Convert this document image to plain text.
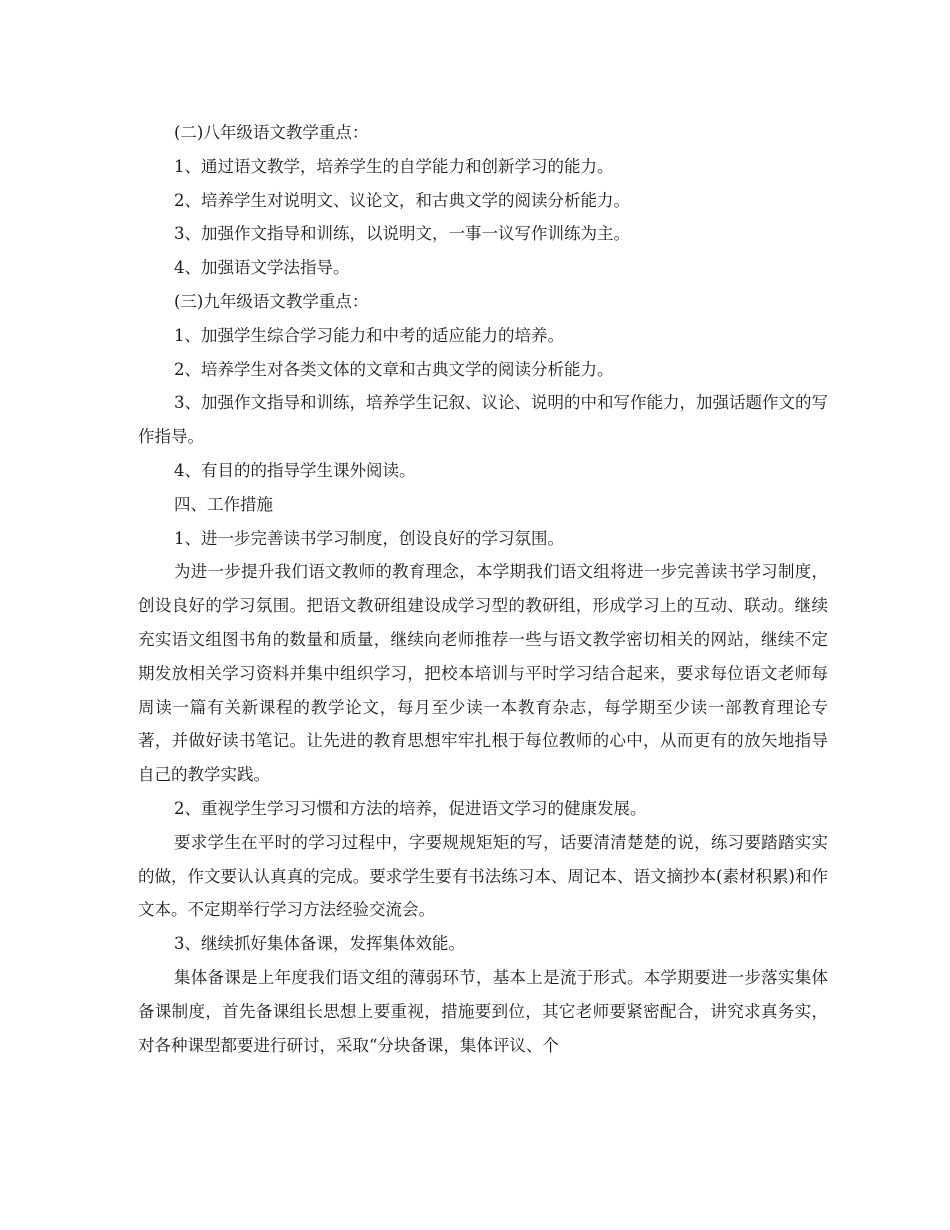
(二)八年级语文教学重点：

1、通过语文教学，培养学生的自学能力和创新学习的能力。

2、培养学生对说明文、议论文，和古典文学的阅读分析能力。

3、加强作文指导和训练，以说明文，一事一议写作训练为主。

4、加强语文学法指导。

(三)九年级语文教学重点：

1、加强学生综合学习能力和中考的适应能力的培养。

2、培养学生对各类文体的文章和古典文学的阅读分析能力。

3、加强作文指导和训练，培养学生记叙、议论、说明的中和写作能力，加强话题作文的写作指导。

4、有目的的指导学生课外阅读。

四、工作措施

1、进一步完善读书学习制度，创设良好的学习氛围。

为进一步提升我们语文教师的教育理念，本学期我们语文组将进一步完善读书学习制度，创设良好的学习氛围。把语文教研组建设成学习型的教研组，形成学习上的互动、联动。继续充实语文组图书角的数量和质量，继续向老师推荐一些与语文教学密切相关的网站，继续不定期发放相关学习资料并集中组织学习，把校本培训与平时学习结合起来，要求每位语文老师每周读一篇有关新课程的教学论文，每月至少读一本教育杂志，每学期至少读一部教育理论专著，并做好读书笔记。让先进的教育思想牢牢扎根于每位教师的心中，从而更有的放矢地指导自己的教学实践。

2、重视学生学习习惯和方法的培养，促进语文学习的健康发展。

要求学生在平时的学习过程中，字要规规矩矩的写，话要清清楚楚的说，练习要踏踏实实的做，作文要认认真真的完成。要求学生要有书法练习本、周记本、语文摘抄本(素材积累)和作文本。不定期举行学习方法经验交流会。

3、继续抓好集体备课，发挥集体效能。

集体备课是上年度我们语文组的薄弱环节，基本上是流于形式。本学期要进一步落实集体备课制度，首先备课组长思想上要重视，措施要到位，其它老师要紧密配合，讲究求真务实，对各种课型都要进行研讨，采取“分块备课，集体评议、个
